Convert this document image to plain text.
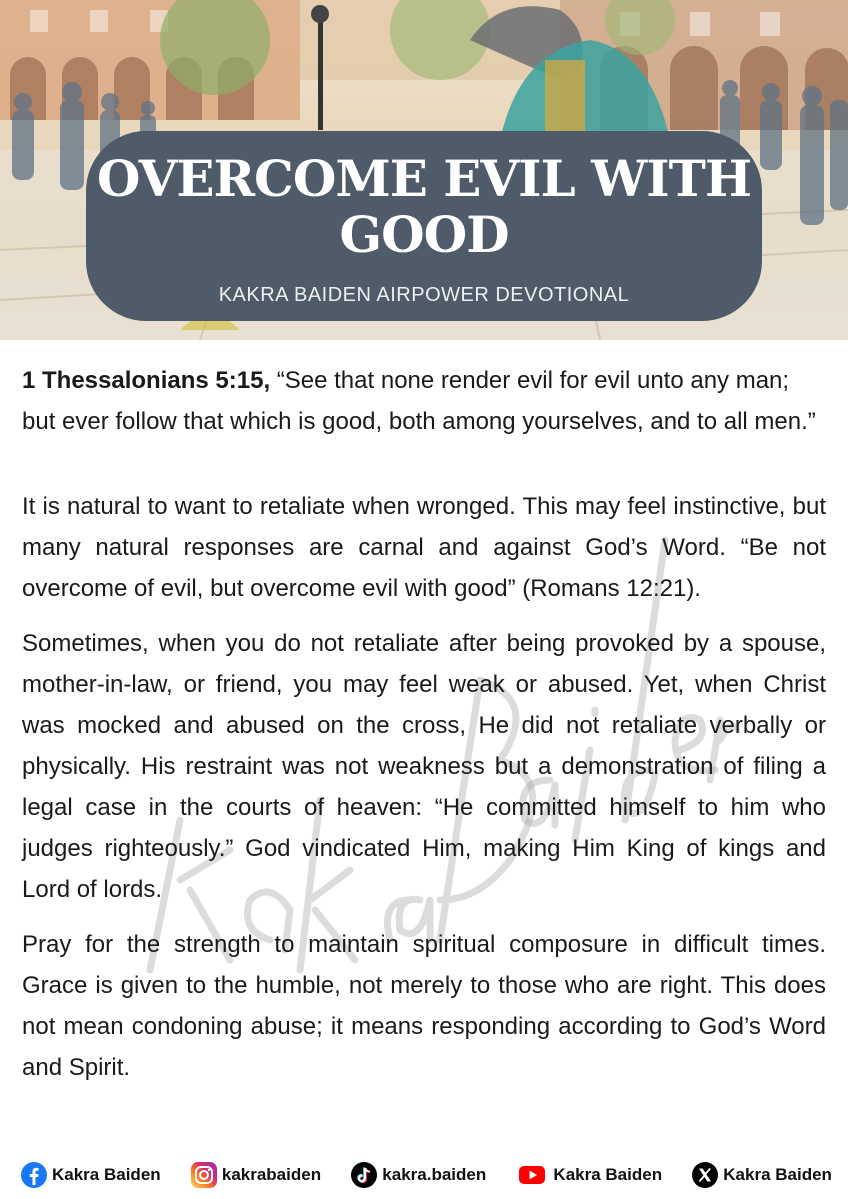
OVERCOME EVIL WITH GOOD
KAKRA BAIDEN AIRPOWER DEVOTIONAL

1 Thessalonians 5:15, “See that none render evil for evil unto any man; but ever follow that which is good, both among yourselves, and to all men.”

It is natural to want to retaliate when wronged. This may feel instinctive, but many natural responses are carnal and against God’s Word. “Be not overcome of evil, but overcome evil with good” (Romans 12:21).

Sometimes, when you do not retaliate after being provoked by a spouse, mother-in-law, or friend, you may feel weak or abused. Yet, when Christ was mocked and abused on the cross, He did not retaliate verbally or physically. His restraint was not weakness but a demonstration of filing a legal case in the courts of heaven: “He committed himself to him who judges righteously.” God vindicated Him, making Him King of kings and Lord of lords.

Pray for the strength to maintain spiritual composure in difficult times. Grace is given to the humble, not merely to those who are right. This does not mean condoning abuse; it means responding according to God’s Word and Spirit.

Kakra Baiden	kakrabaiden	kakra.baiden	Kakra Baiden	Kakra Baiden
